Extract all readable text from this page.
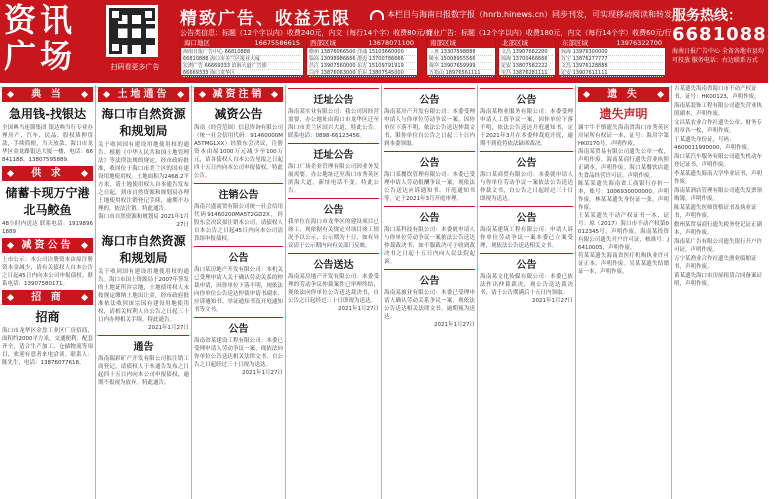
资讯
广场	扫码看更多广告
精致广告、收益无限	本栏目与海南日报数字报（hnrb.hinews.cn）同步刊发，可实现移动阅读和转发。
服务热线：
66810888
海南日报广告中心 全省各地市县均可投放 服务电话：右边联系方式
公告类信息：标题（12个字以内）收费240元，内文（每行14个字）收费80元/行
商业广告：标题（12个字以内）收费180元，内文（每行14个字）收费60元/行
海口地区	16675586615
海南日报广告中心 66810888
66810888 海口市美兰区报业大厦
宏鸿广告 66669333 滨海大道广告部
66669333 海口龙华区
西部区域	13678071100
儋州 13876066500 洋浦 15103660000
临高 13098986666 澄迈 13700786666
昌江 13907560000 东方 15109791919
白沙 13876063000 乐东 13807545000
南部区域
三亚 13307598888
陵水 15008955566
保亭 13907659999
五指山 18976561111
北部区域
文昌 13907682200
琼海 13700466666
定安 13807582222
屯昌 13876281111
东部区域	13976322700
琼海 13976300000
万宁 13876277777
文昌 13976128888
定安 13907611111
典 当
急用钱-找银达
全国典当连锁集团 银达典当行专业办理房产、汽车、民品、股权质押贷款，手续简便，当天放款。海口市龙华区金龙路银达大厦一楼，电话：66841188，13807595889。
供 求
储蓄卡现万宁港北马鲛鱼
48小时内送达 联系电话：19198961889
减资公告
上市公示：本公司注册资本由原注册资本金减少，请有关债权人自本公告之日起45日内向本公司申报债权。联系电话：13907580171。
招 商
招商
海口市龙华区金盘工业区厂房招商，面积约2000平方米，交通便利，配套齐全，适合生产加工、仓储物流等项目，欢迎有意者来电洽谈。联系人：陈先生，电话：13876077618。
土地通告
海口市自然资源和规划局
关于收回国有建设用地使用权的通告。根据《中华人民共和国土地管理法》等法律法规的规定，经市政府批准，收回位于海口市美兰区的国有建设用地使用权，土地面积为2468.2平方米，请土地使用权人自本通告发布之日起，到市自然资源和规划局办理土地使用权注销登记手续，逾期不办理的，依法注销。特此通告。
海口市自然资源和规划局 2021年1月27日
海口市自然资源和规划局
关于收回国有建设用地使用权的通告。海口市国土资源局于2007年签发的土地证所涉宗地，土地使用权人未按规定缴纳土地出让金，经市政府批准依法收回该宗国有建设用地使用权，请相关权利人自公告之日起三十日内办理相关手续。特此通告。
2021年1月27日
通告
海南瑞彩矿产开发有限公司拟注销工商登记，请债权人于本通告发布之日起四十五日内向本公司申报债权，逾期不报视为放弃。特此通告。
减资注销
减资公告
海南（经营范围）信息咨询有限公司（统一社会信用代码：91460000MA5TMGLXX）经股东会决议，注册资本由原1000万元减少至100万元，请各债权人自本公告见报之日起四十五日内向本公司申报债权。特此公告。
注销公告
海南兴盛商贸有限公司统一社会信用代码91460200MA5T2GD2X，经股东会决议拟注销本公司，请债权人自本公告之日起45日内向本公司清算组申报债权。
公告
海口某房地产开发有限公司：本机关已受理申请人关于确认劳动关系的仲裁申请，因你单位下落不明，现依法向你单位公告送达仲裁申请书副本、应诉通知书、举证通知书及开庭通知书等文书。
公告
海南省某建设工程有限公司：本委已受理申请人劳动争议一案，现依法向你单位公告送达相关法律文书，自公告之日起经过三十日视为送达。
2021年1月27日
迁址公告
海南某实业有限公司：我公司因经营需要，办公地址由海口市龙华区迁至海口市美兰区国兴大道，特此公告。联系电话：0898-66123456。
迁址公告
海口广场企业管理有限公司因业务发展需要，办公地址迁至海口市秀英区滨海大道，新址电话不变。特此公告。
公告
我单位在海口市龙华区的建设项目已竣工，现依据有关规定对项目竣工情况予以公示，公示期为十日，如有异议请于公示期内向有关部门反映。
公告送达
海南某房地产开发有限公司：本委受理的劳动争议仲裁案件已审理终结，现依法向你单位公告送达裁决书，自公告之日起经过三十日即视为送达。
2021年1月27日
公告
海南某房产开发有限公司：本委受理申请人与你单位劳动争议一案，因你单位下落不明，依法公告送达仲裁文书，限你单位自公告之日起三十日内到本委领取。
公告
海口某餐饮管理有限公司：本委已受理申请人劳动报酬争议一案，现依法公告送达应诉通知书、开庭通知书等，定于2021年3月开庭审理。
公告
海口某科技有限公司：本委就申请人与你单位劳动争议一案依法公告送达仲裁裁决书，如不服裁决可于收到裁决书之日起十五日内向人民法院起诉。
公告
海南某旅业有限公司：本委已受理申请人确认劳动关系争议一案，现依法公告送达相关法律文书，逾期视为送达。
2021年1月27日
公告
海南某物业服务有限公司：本委受理申请人工资争议一案，因你单位下落不明，依法公告送达开庭通知书，定于2021年3月在本委仲裁庭开庭，逾期不到庭将依法缺席裁决。
公告
海口某商贸有限公司：本委就申请人与你单位劳动争议一案依法公告送达仲裁文书，自公告之日起经过三十日即视为送达。
公告
海南某建筑工程有限公司：申请人诉你单位劳动争议一案本委已立案受理，现依法公告送达相关文书。
公告
海南某文化传媒有限公司：本委已依法作出仲裁裁决，现公告送达裁决书，请于公告期满后十五日内领取。
2021年1月27日
遗 失
遗失声明
谢宇牛不慎遗失海南省海口市秀英区房屋所有权证一本，证号：海房字第HK0170号，声明作废。
海南某贸易有限公司遗失公章一枚，声明作废。海南某商行遗失营业执照正副本，声明作废。海口某餐饮店遗失食品经营许可证，声明作废。
陈某某遗失海南省工商银行存折一本，账号：1006930000000，声明作废。林某某遗失身份证一张，声明作废。
王某某遗失不动产权证书一本，证号：琼（2017）海口市不动产权第0012345号，声明作废。海南某投资有限公司遗失开户许可证，核准号：J6410005，声明作废。
符某某遗失海南省医疗机构执业许可证正本，声明作废。吴某某遗失结婚证一本，声明作废。
吉某遗失海南省海口市不动产权证书，证号：HK00123，声明作废。
海南某装饰工程有限公司遗失营业执照副本，声明作废。
文昌某农业合作社遗失公章、财务专用章各一枚，声明作废。
王某遗失身份证，号码：4600011990000，声明作废。
海口某汽车服务有限公司遗失机动车登记证书，声明作废。
李某某遗失海南大学毕业证书，声明作废。
海南某酒店管理有限公司遗失发票领购簿，声明作废。
陈某某遗失医师资格证书及执业证书，声明作废。
儋州某贸易商行遗失税务登记证正副本，声明作废。
海南某广告有限公司遗失银行开户许可证，声明作废。
万宁某渔业合作社遗失渔业船舶证书，声明作废。
黄某遗失海口市房屋租赁合同备案证明，声明作废。
